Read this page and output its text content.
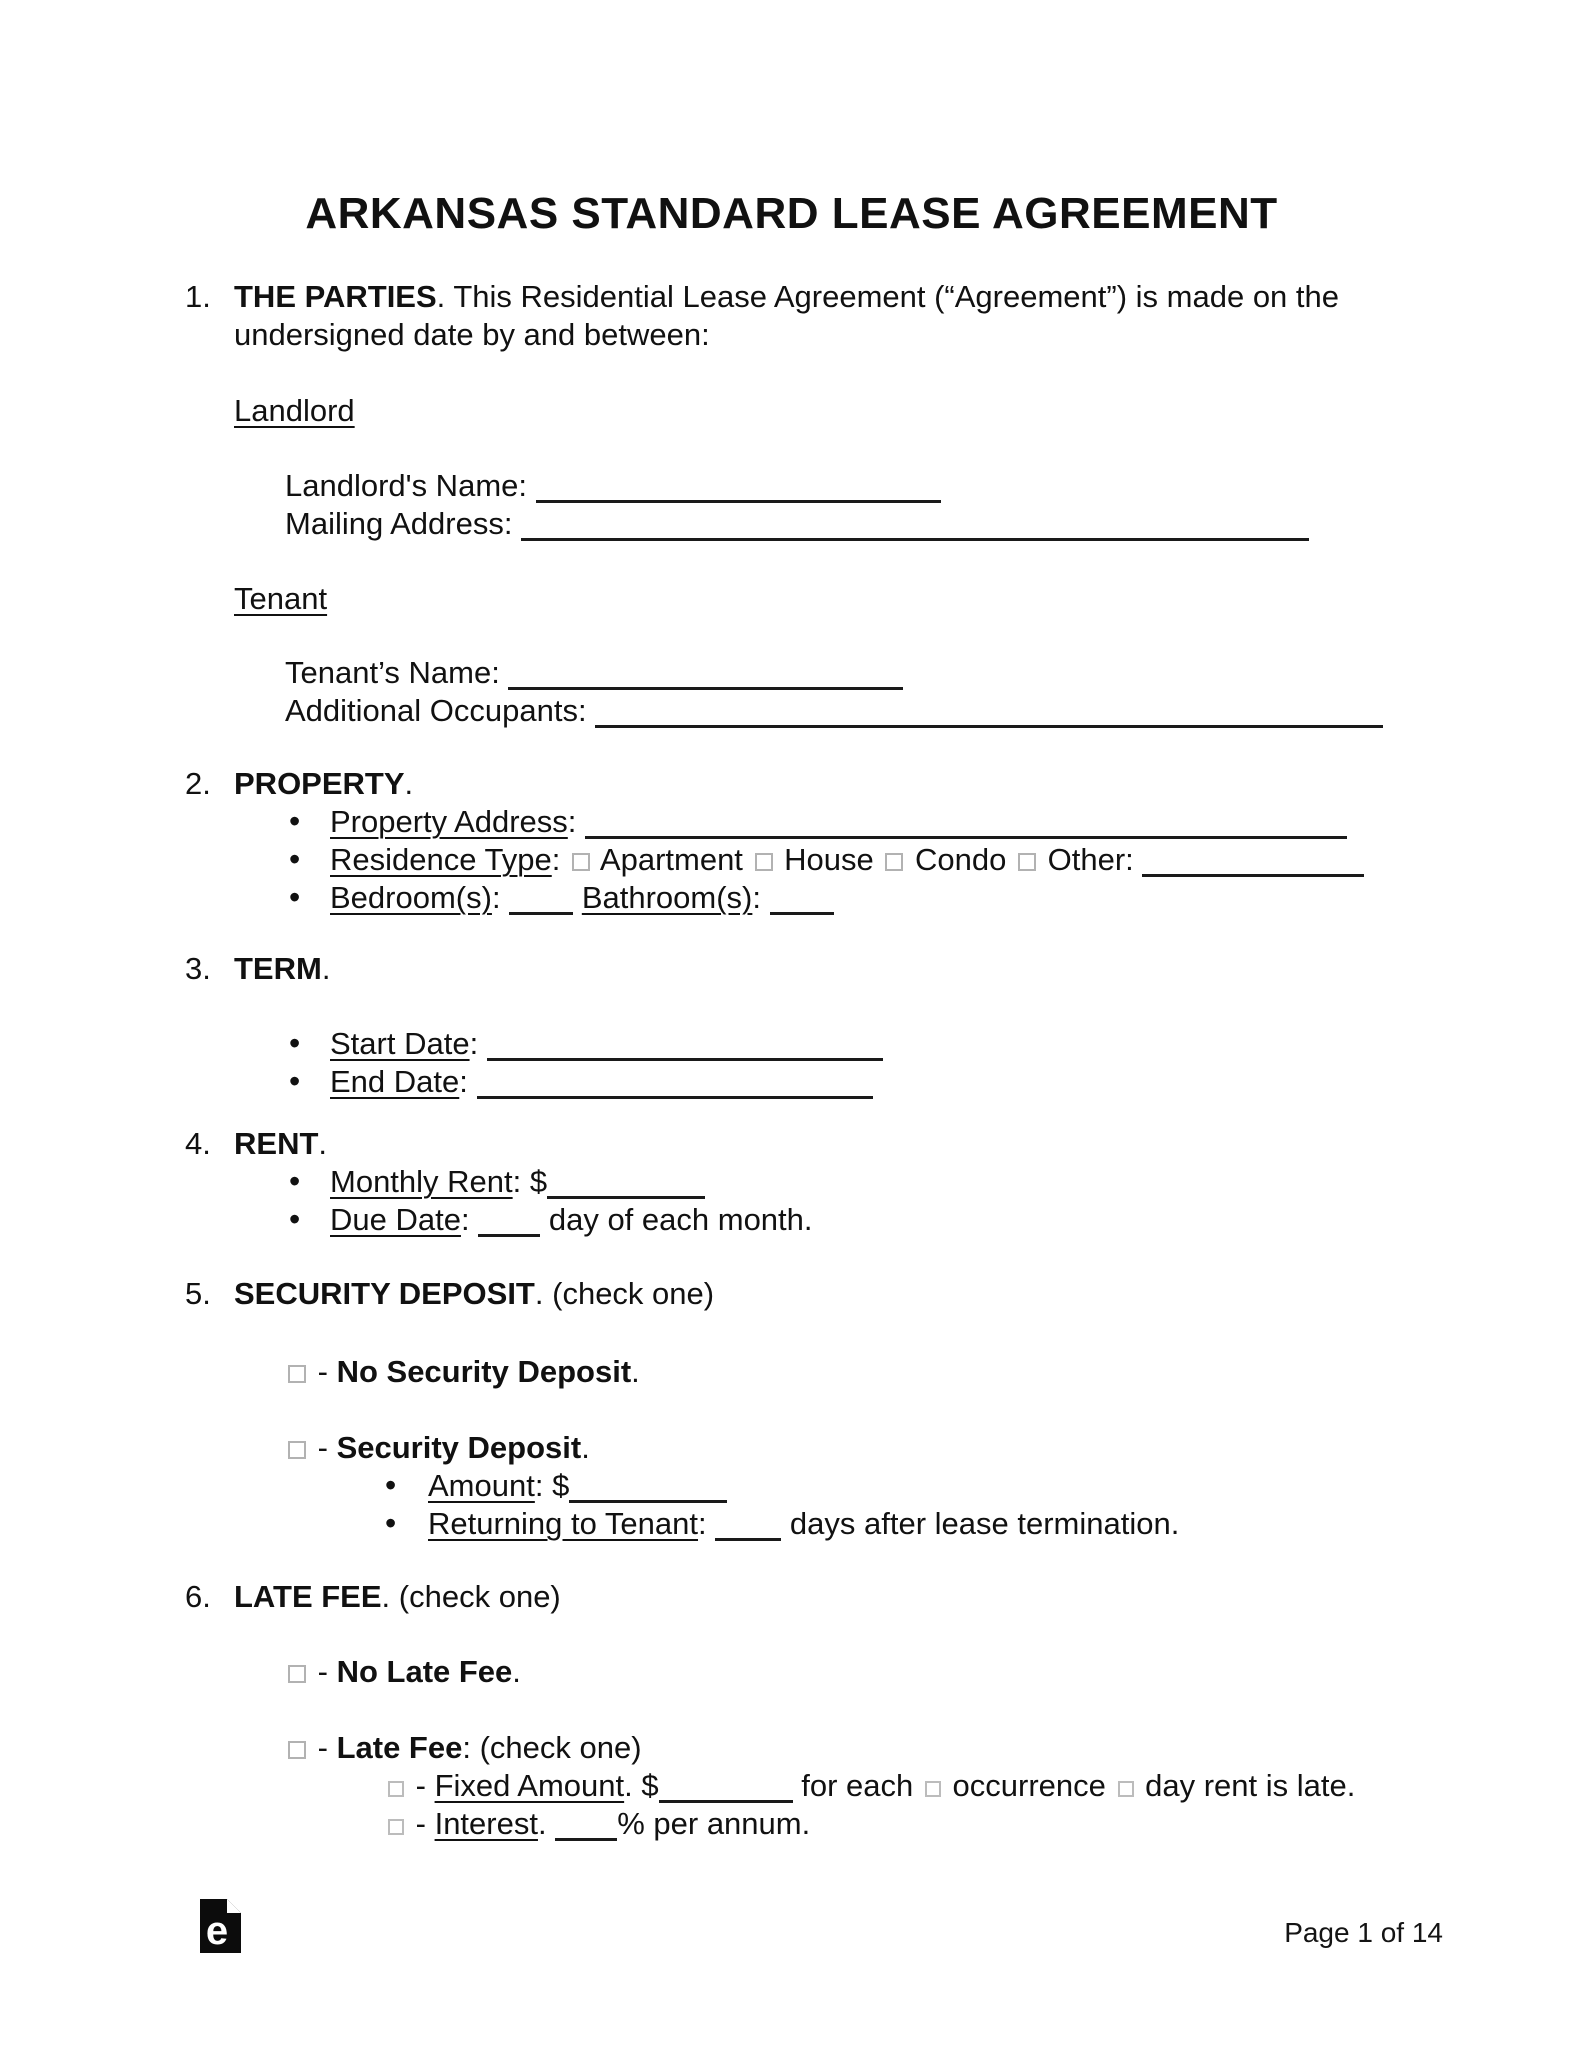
ARKANSAS STANDARD LEASE AGREEMENT
1. THE PARTIES. This Residential Lease Agreement (“Agreement”) is made on the undersigned date by and between:
Landlord
Landlord's Name:
Mailing Address:
Tenant
Tenant’s Name:
Additional Occupants:
2. PROPERTY.
• Property Address:
• Residence Type: Apartment House Condo Other:
• Bedroom(s):	Bathroom(s):
3. TERM.
• Start Date:
• End Date:
4. RENT.
• Monthly Rent: $
• Due Date:	day of each month.
5. SECURITY DEPOSIT. (check one)
- No Security Deposit.
- Security Deposit.
• Amount: $
• Returning to Tenant:	days after lease termination.
6. LATE FEE. (check one)
- No Late Fee.
- Late Fee: (check one)
- Fixed Amount. $	for each occurrence day rent is late.
- Interest. % per annum.
e	Page 1 of 14
